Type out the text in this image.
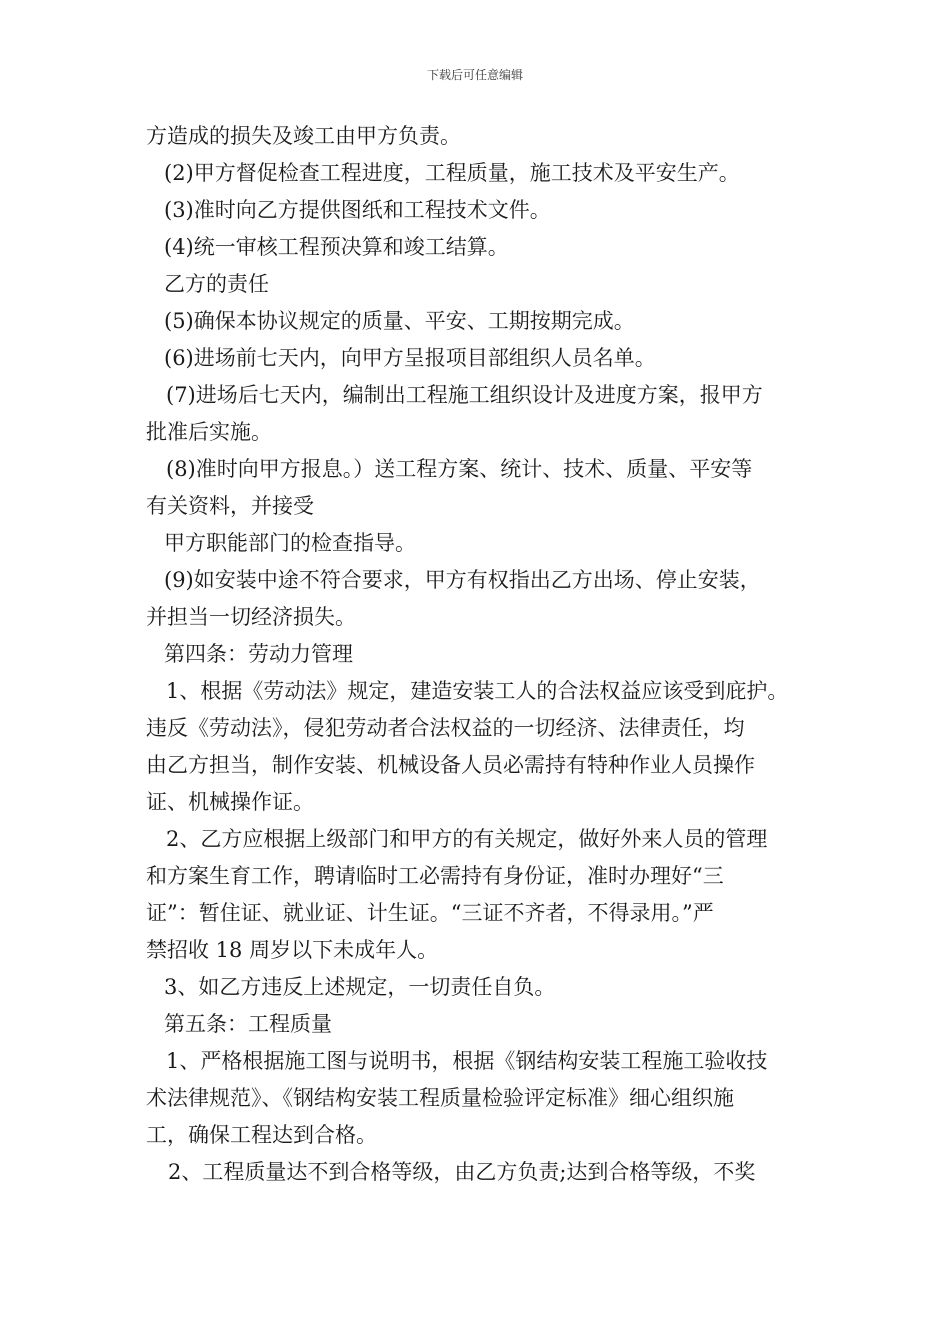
下载后可任意编辑
方造成的损失及竣工由甲方负责。
(2)甲方督促检查工程进度，工程质量，施工技术及平安生产。
(3)准时向乙方提供图纸和工程技术文件。
(4)统一审核工程预决算和竣工结算。
乙方的责任
(5)确保本协议规定的质量、平安、工期按期完成。
(6)进场前七天内，向甲方呈报项目部组织人员名单。
(7)进场后七天内，编制出工程施工组织设计及进度方案，报甲方
批准后实施。
(8)准时向甲方报息。）送工程方案、统计、技术、质量、平安等
有关资料，并接受
甲方职能部门的检查指导。
(9)如安装中途不符合要求，甲方有权指出乙方出场、停止安装，
并担当一切经济损失。
第四条：劳动力管理
1、根据《劳动法》规定，建造安装工人的合法权益应该受到庇护。
违反《劳动法》，侵犯劳动者合法权益的一切经济、法律责任，均
由乙方担当，制作安装、机械设备人员必需持有特种作业人员操作
证、机械操作证。
2、乙方应根据上级部门和甲方的有关规定，做好外来人员的管理
和方案生育工作，聘请临时工必需持有身份证，准时办理好“三
证”：暂住证、就业证、计生证。“三证不齐者，不得录用。”严
禁招收 18 周岁以下未成年人。
3、如乙方违反上述规定，一切责任自负。
第五条：工程质量
1、严格根据施工图与说明书，根据《钢结构安装工程施工验收技
术法律规范》、《钢结构安装工程质量检验评定标准》细心组织施
工，确保工程达到合格。
2、工程质量达不到合格等级，由乙方负责;达到合格等级，不奖
